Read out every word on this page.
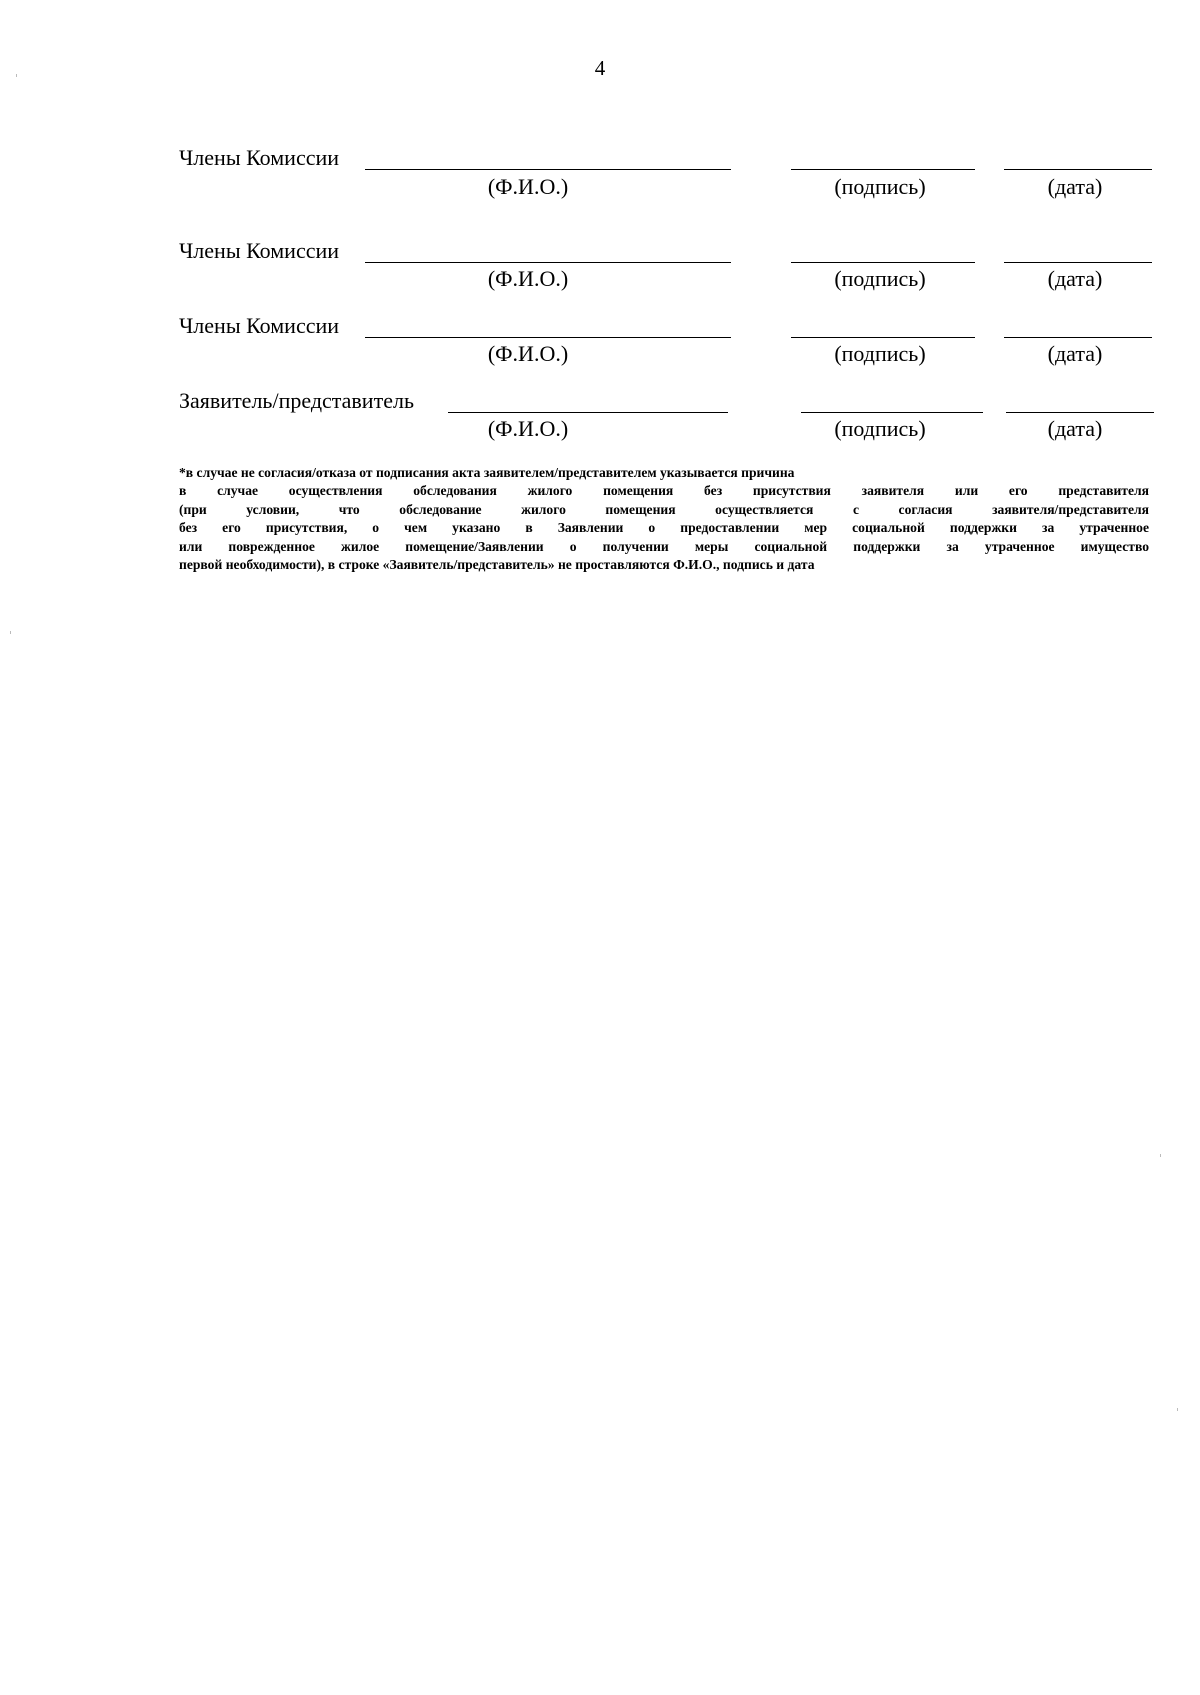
4
Члены Комиссии
(Ф.И.О.)	(подпись)	(дата)
Члены Комиссии
(Ф.И.О.)	(подпись)	(дата)
Члены Комиссии
(Ф.И.О.)	(подпись)	(дата)
Заявитель/представитель
(Ф.И.О.)	(подпись)	(дата)
*в случае не согласия/отказа от подписания акта заявителем/представителем указывается причина
в случае осуществления обследования жилого помещения без присутствия заявителя или его представителя
(при условии, что обследование жилого помещения осуществляется с согласия заявителя/представителя
без его присутствия, о чем указано в Заявлении о предоставлении мер социальной поддержки за утраченное
или поврежденное жилое помещение/Заявлении о получении меры социальной поддержки за утраченное имущество
первой необходимости), в строке «Заявитель/представитель» не проставляются Ф.И.О., подпись и дата
